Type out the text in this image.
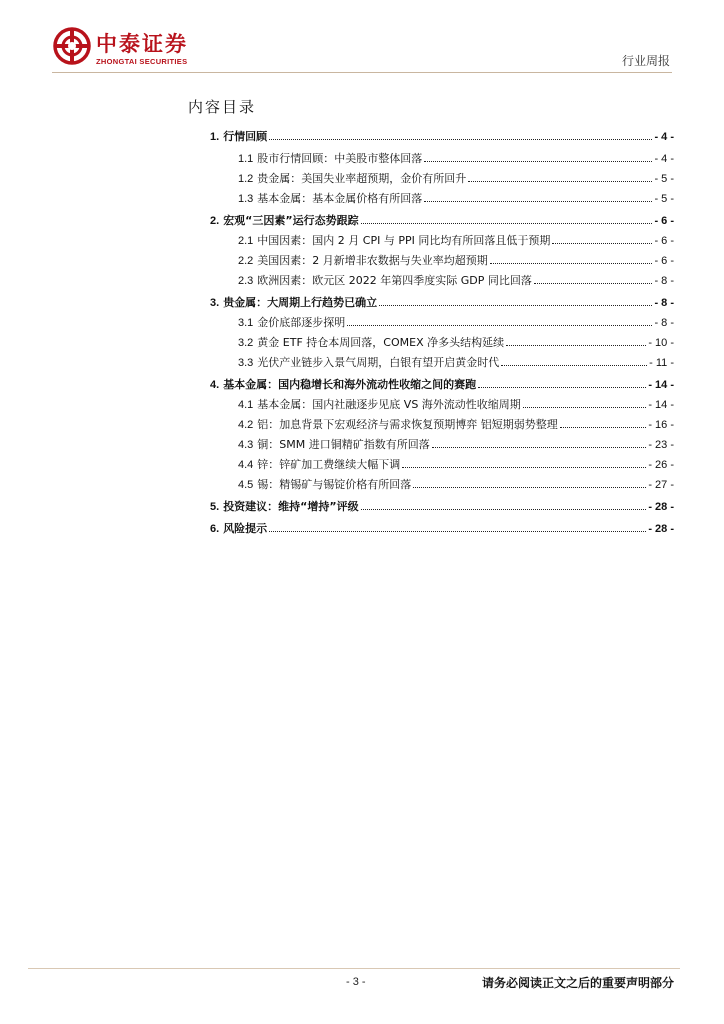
中泰证券
ZHONGTAI SECURITIES	行业周报
内容目录
1. 行情回顾	- 4 -
1.1 股市行情回顾：中美股市整体回落	- 4 -
1.2 贵金属：美国失业率超预期，金价有所回升	- 5 -
1.3 基本金属：基本金属价格有所回落	- 5 -
2. 宏观“三因素”运行态势跟踪	- 6 -
2.1 中国因素：国内 2 月 CPI 与 PPI 同比均有所回落且低于预期	- 6 -
2.2 美国因素：2 月新增非农数据与失业率均超预期	- 6 -
2.3 欧洲因素：欧元区 2022 年第四季度实际 GDP 同比回落	- 8 -
3. 贵金属：大周期上行趋势已确立	- 8 -
3.1 金价底部逐步探明	- 8 -
3.2 黄金 ETF 持仓本周回落，COMEX 净多头结构延续	- 10 -
3.3 光伏产业链步入景气周期，白银有望开启黄金时代	- 11 -
4. 基本金属：国内稳增长和海外流动性收缩之间的赛跑	- 14 -
4.1 基本金属：国内社融逐步见底 VS 海外流动性收缩周期	- 14 -
4.2 铝：加息背景下宏观经济与需求恢复预期博弈 铝短期弱势整理	- 16 -
4.3 铜：SMM 进口铜精矿指数有所回落	- 23 -
4.4 锌：锌矿加工费继续大幅下调	- 26 -
4.5 锡：精锡矿与锡锭价格有所回落	- 27 -
5. 投资建议：维持“增持”评级	- 28 -
6. 风险提示	- 28 -
- 3 -	请务必阅读正文之后的重要声明部分
